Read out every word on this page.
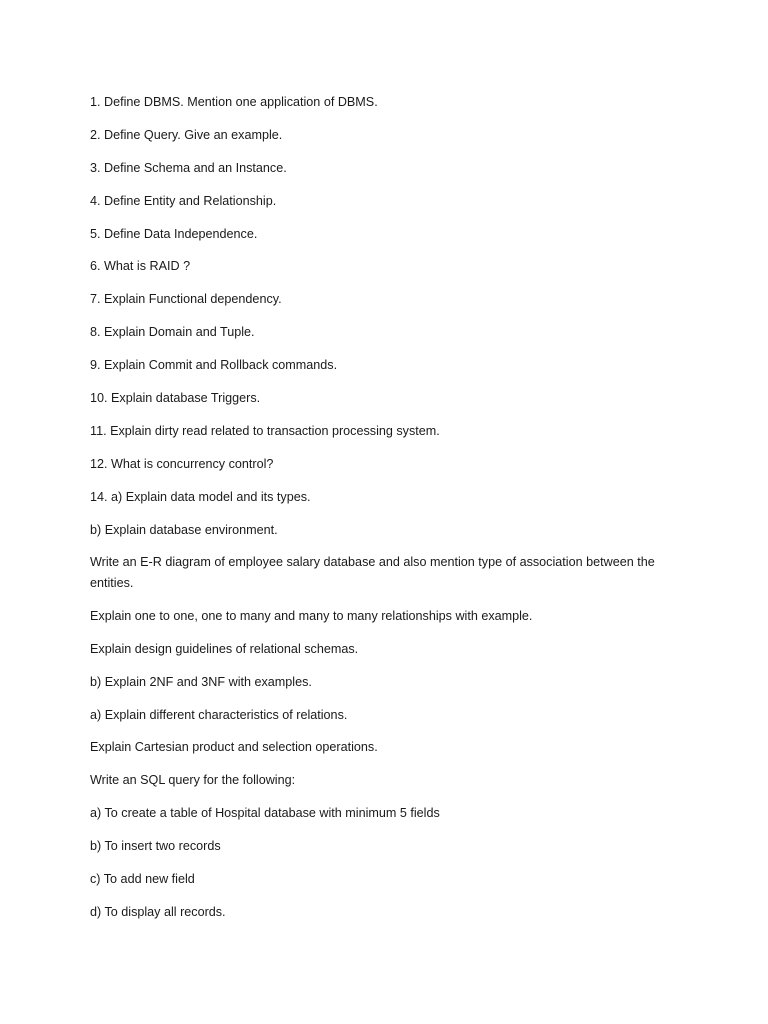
1. Define DBMS. Mention one application of DBMS.
2. Define Query. Give an example.
3. Define Schema and an Instance.
4. Define Entity and Relationship.
5. Define Data Independence.
6. What is RAID ?
7. Explain Functional dependency.
8. Explain Domain and Tuple.
9. Explain Commit and Rollback commands.
10. Explain database Triggers.
11. Explain dirty read related to transaction processing system.
12. What is concurrency control?
14. a) Explain data model and its types.
b) Explain database environment.
Write an E-R diagram of employee salary database and also mention type of association between the entities.
Explain one to one, one to many and many to many relationships with example.
Explain design guidelines of relational schemas.
b) Explain 2NF and 3NF with examples.
a) Explain different characteristics of relations.
Explain Cartesian product and selection operations.
Write an SQL query for the following:
a) To create a table of Hospital database with minimum 5 fields
b) To insert two records
c) To add new field
d) To display all records.
